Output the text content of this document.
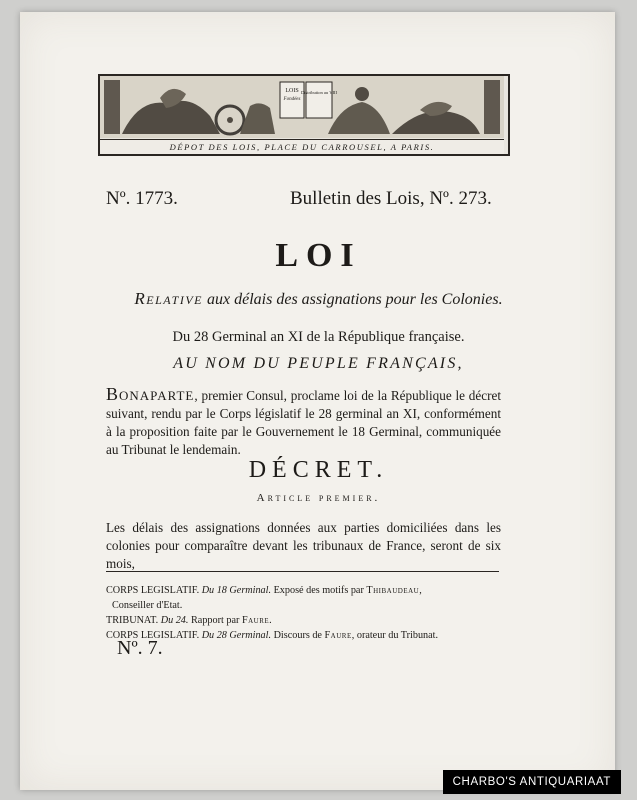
LOIS
Fondées
Distribution au VIII
DÉPOT DES LOIS, PLACE DU CARROUSEL, A PARIS.
Nº. 1773.	Bulletin des Lois, Nº. 273.
LOI
Relative aux délais des assignations pour les Colonies.
Du 28 Germinal an XI de la République française.
AU NOM DU PEUPLE FRANÇAIS,
Bonaparte, premier Consul, proclame loi de la République le décret suivant, rendu par le Corps législatif le 28 germinal an XI, conformément à la proposition faite par le Gouvernement le 18 Germinal, communiquée au Tribunat le lendemain.
DÉCRET.
Article premier.
Les délais des assignations données aux parties domiciliées dans les colonies pour comparaître devant les tribunaux de France, seront de six mois,
CORPS LEGISLATIF. Du 18 Germinal. Exposé des motifs par Thibaudeau,
Conseiller d'Etat.
TRIBUNAT. Du 24. Rapport par Faure.
CORPS LEGISLATIF. Du 28 Germinal. Discours de Faure, orateur du Tribunat.
Nº. 7.
CHARBO'S ANTIQUARIAAT
